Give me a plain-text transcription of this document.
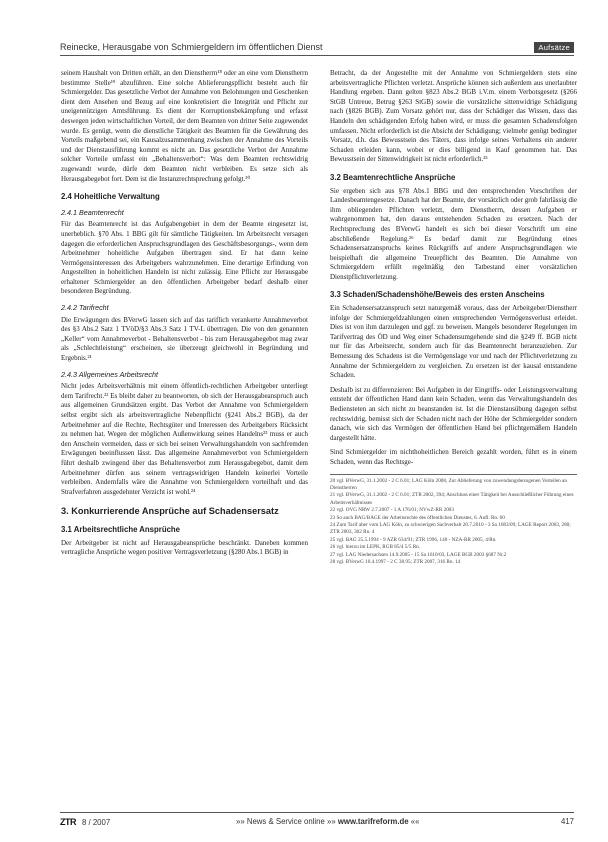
Reinecke, Herausgabe von Schmiergeldern im öffentlichen Dienst	Aufsätze

seinem Haushalt von Dritten erhält, an den Dienstherrn¹⁸ oder an eine vom Dienstherrn bestimmte Stelle¹⁹ abzuführen. Eine solche Ablieferungspflicht besteht auch für Schmiergelder. Das gesetzliche Verbot der Annahme von Belohnungen und Geschenken dient dem Ansehen und Bezug auf eine konkretisiert die Integrität und Pflicht zur uneigennützigen Amtsführung. Es dient der Korruptionsbekämpfung und erfasst deswegen jeden wirtschaftlichen Vorteil, der dem Beamten von dritter Seite zugewendet wurde. Es genügt, wenn die dienstliche Tätigkeit des Beamten für die Gewährung des Vorteils maßgebend sei, ein Kausalzusammenhang zwischen der Annahme des Vorteils und der Dienstausführung kommt es nicht an. Das gesetzliche Verbot der Annahme solcher Vorteile umfasst ein „Behaltensverbot“: Was dem Beamten rechtswidrig zugewandt wurde, dürfe dem Beamten nicht verbleiben. Es setze sich als Herausgabegebot fort. Dem ist die Instanzrechtsprechung gefolgt.²⁰

2.4 Hoheitliche Verwaltung
2.4.1 Beamtenrecht

Für das Beamtenrecht ist das Aufgabengebiet in dem der Beamte eingesetzt ist, unerheblich. §70 Abs. 1 BBG gilt für sämtliche Tätigkeiten. Im Arbeitsrecht versagen dagegen die erforderlichen Anspruchsgrundlagen des Geschäftsbesorgungs-, wenn dem Arbeitnehmer hoheitliche Aufgaben übertragen sind. Er hat dann keine Vermögensinteressen des Arbeitgebers wahrzunehmen. Eine derartige Erfindung von Angestellten in hoheitlichen Handeln ist nicht zulässig. Eine Pflicht zur Herausgabe erhaltener Schmiergelder an den öffentlichen Arbeitgeber bedarf deshalb einer besonderen Begründung.

2.4.2 Tarifrecht

Die Erwägungen des BVerwG lassen sich auf das tariflich verankerte Annahmeverbot des §3 Abs.2 Satz 1 TVöD/§3 Abs.3 Satz 1 TV-L übertragen. Die von den genannten „Keller“ vom Annahmeverbot - Behaltensverbot - bis zum Herausgabegebot mag zwar als „Schlechtleistung“ erscheinen, sie überzeugt gleichwohl in Begründung und Ergebnis.²¹

2.4.3 Allgemeines Arbeitsrecht

Nicht jedes Arbeitsverhältnis mit einem öffentlich-rechtlichen Arbeitgeber unterliegt dem Tarifrecht.²² Es bleibt daher zu beantworten, ob sich der Herausgabeanspruch auch aus allgemeinen Grundsätzen ergibt. Das Verbot der Annahme von Schmiergeldern selbst ergibt sich als arbeitsvertragliche Nebenpflicht (§241 Abs.2 BGB), da der Arbeitnehmer auf die Rechte, Rechtsgüter und Interessen des Arbeitgebers Rücksicht zu nehmen hat. Wegen der möglichen Außenwirkung seines Handelns²³ muss er auch den Anschein vermeiden, dass er sich bei seinen Verwaltungshandeln von sachfremden Erwägungen beeinflussen lässt. Das allgemeine Annahmeverbot von Schmiergeldern führt deshalb zwingend über das Behaltensverbot zum Herausgabegebot, damit dem Arbeitnehmer dürfen aus seinem vertragswidrigen Handeln keinerlei Vorteile verbleiben. Andernfalls wäre die Annahme von Schmiergeldern vorteilhaft und das Strafverfahren ausgedehnter Verzicht ist wohl.²⁴

3. Konkurrierende Ansprüche auf Schadensersatz
3.1 Arbeitsrechtliche Ansprüche

Der Arbeitgeber ist nicht auf Herausgabeansprüche beschränkt. Daneben kommen vertragliche Ansprüche wegen positiver Vertragsverletzung (§280 Abs.1 BGB) in

Betracht, da der Angestellte mit der Annahme von Schmiergeldern stets eine arbeitsvertragliche Pflichten verletzt. Ansprüche können sich außerdem aus unerlaubter Handlung ergeben. Dann gelten §823 Abs.2 BGB i.V.m. einem Verbotsgesetz (§266 StGB Untreue, Betrug §263 StGB) sowie die vorsätzliche sittenwidrige Schädigung nach (§826 BGB). Zum Vorsatz gehört nur, dass der Schädiger das Wissen, dass das Handeln den schädigenden Erfolg haben wird, er muss die gesamten Schadensfolgen umfassen. Nicht erforderlich ist die Absicht der Schädigung; vielmehr genügt bedingter Vorsatz, d.h. das Bewusstsein des Täters, dass infolge seines Verhaltens ein anderer Schaden erleiden kann, wobei er dies billigend in Kauf genommen hat. Das Bewusstsein der Sittenwidrigkeit ist nicht erforderlich.²⁵

3.2 Beamtenrechtliche Ansprüche

Sie ergeben sich aus §78 Abs.1 BBG und den entsprechenden Vorschriften der Landesbeamtengesetze. Danach hat der Beamte, der vorsätzlich oder grob fahrlässig die ihm obliegenden Pflichten verletzt, dem Dienstherrn, dessen Aufgaben er wahrgenommen hat, den daraus entstehenden Schaden zu ersetzen. Nach der Rechtsprechung des BVerwG handelt es sich bei dieser Vorschrift um eine abschließende Regelung.²⁶ Es bedarf damit zur Begründung eines Schadensersatzanspruchs keines Rückgriffs auf andere Anspruchsgrundlagen wie beispielhaft die allgemeine Treuepflicht des Beamten. Die Annahme von Schmiergeldern erfüllt regelmäßig den Tatbestand einer vorsätzlichen Dienstpflichtverletzung.

3.3 Schaden/Schadenshöhe/Beweis des ersten Anscheins

Ein Schadensersatzanspruch setzt naturgemäß voraus, dass der Arbeitgeber/Dienstherr infolge der Schmiergeldzahlungen einen entsprechenden Vermögensverlust erleidet. Dies ist von ihm darzulegen und ggf. zu beweisen. Mangels besonderer Regelungen im Tarifvertrag des ÖD und Weg einer Schadensumgehende sind die §249 ff. BGB nicht nur für das Arbeitsrecht, sondern auch für das Beamtenrecht heranzuziehen. Zur Bemessung des Schadens ist die Vermögenslage vor und nach der Pflichtverletzung zu Annahme der Schmiergeldern zu vergleichen. Zu ersetzen ist der kausal entstandene Schaden.

Deshalb ist zu differenzieren: Bei Aufgaben in der Eingriffs- oder Leistungsverwaltung entsteht der öffentlichen Hand dann kein Schaden, wenn das Verwaltungshandeln des Bediensteten an sich nicht zu beanstanden ist. Ist die Dienstausübung dagegen selbst rechtswidrig, bemisst sich der Schaden nicht nach der Höhe der Schmiergelder sondern danach, wie sich das Vermögen der öffentlichen Hand bei pflichtgemäßem Handeln dargestellt hätte.

Sind Schmiergelder im nichthoheitlichen Bereich gezahlt worden, führt es in einem Schaden, wenn das Rechtsge-

20 vgl. BVerwG, 31.1.2002 - 2 C 6.01; LAG Köln 2008, Zur Ablieferung von zuwendungsbezogenen Vorteilen an Dienstherren
21 vgl. BVerwG, 31.1.2002 - 2 C 6.01; ZTR 2002, 394; Anschluss einer Tätigkeit bei Ausschließlicher Führung eines Arbeitsverhältnisses
22 vgl. OVG NRW 2.7.2007 - 1 A 176/01; NVwZ-RR 2003
23 So auch BAG/BAGE der Arbeitsrechte des öffentlichen Dienstes, 6. Aufl. Rn. 60
24 Zum Tarif aber vom LAG Köln, zu schwierigen Sachverhalt 20.7.2010 - 3 Sa 1683/09; LAGE Report 2003, 280; ZTR 2003, 302 Rn. 4
25 vgl. BAG 25.5.1994 - 9 AZR 634/91; ZTR 1996, 140 - NZA-RR 2005, 4/Rn.
26 vgl. hierzu im LEPK, RGB 85/4 5/5 Rn.
27 vgl. LAG Niedersachsen 14.9.2005 - 15 Sa 1610/03, LAGE BGB 2003 §687 Nr.2
28 vgl. BVerwG 10.4.1997 - 2 C 38.95; ZTR 2007, 316 Rn. 14
ZTR 8 / 2007	»» News & Service online »» www.tarifreform.de ««	417
